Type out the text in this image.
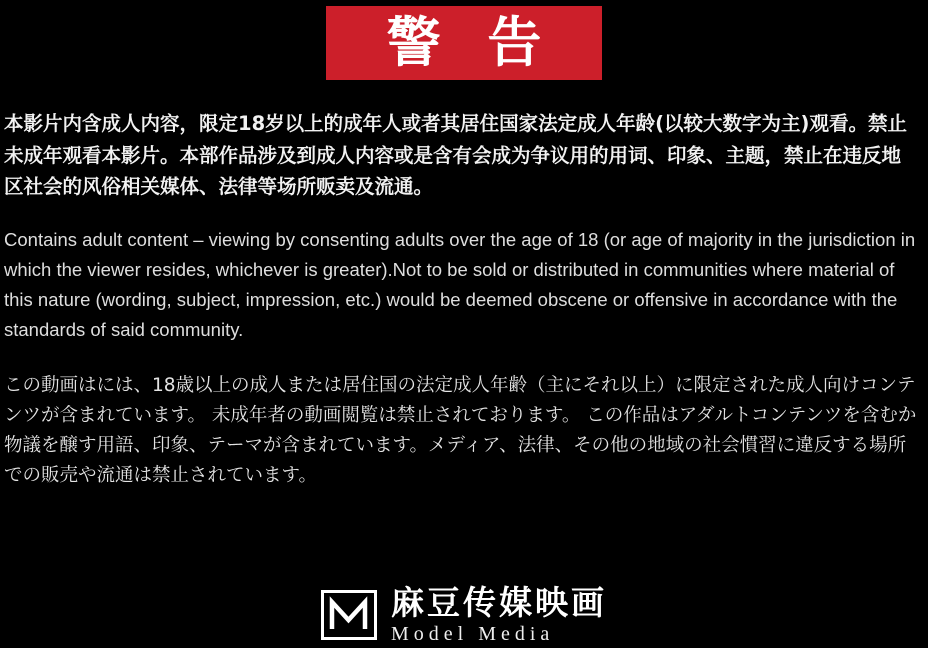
警 告

本影片内含成人内容，限定18岁以上的成年人或者其居住国家法定成人年龄(以较大数字为主)观看。禁止未成年观看本影片。本部作品涉及到成人内容或是含有会成为争议用的用词、印象、主题，禁止在违反地区社会的风俗相关媒体、法律等场所贩卖及流通。

Contains adult content – viewing by consenting adults over the age of 18 (or age of majority in the jurisdiction in which the viewer resides, whichever is greater).Not to be sold or distributed in communities where material of this nature (wording, subject, impression, etc.) would be deemed obscene or offensive in accordance with the standards of said community.

この動画はには、18歳以上の成人または居住国の法定成人年齢（主にそれ以上）に限定された成人向けコンテンツが含まれています。 未成年者の動画閲覧は禁止されております。 この作品はアダルトコンテンツを含むか物議を醸す用語、印象、テーマが含まれています。メディア、法律、その他の地域の社会慣習に違反する場所での販売や流通は禁止されています。

麻豆传媒映画
Model Media
